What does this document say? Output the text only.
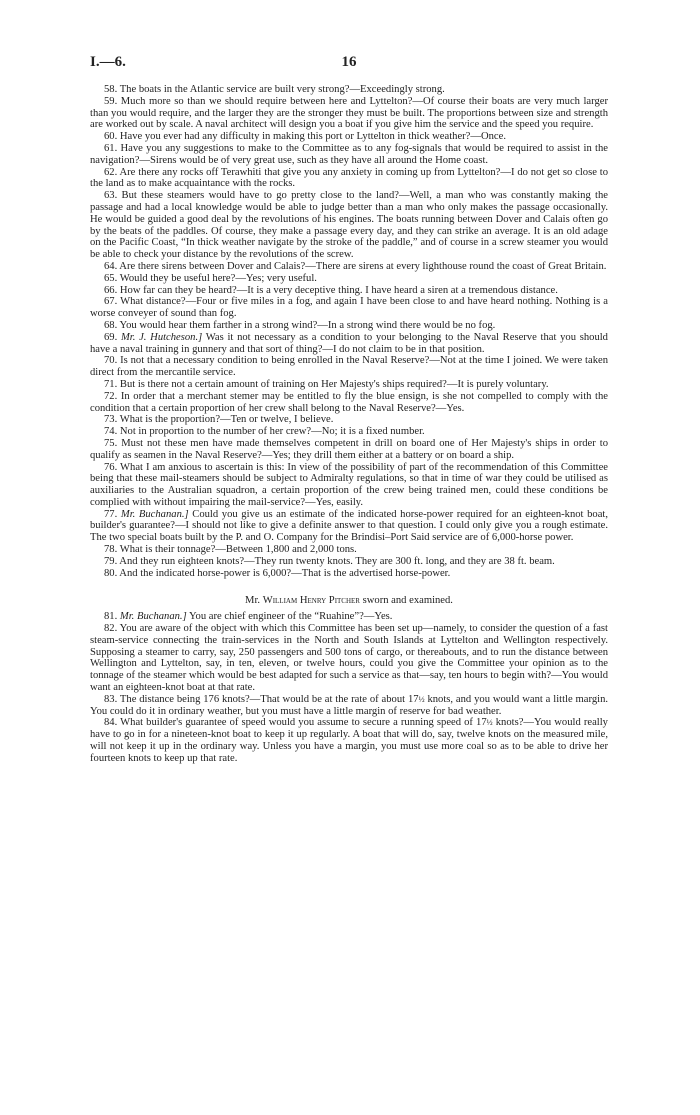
I.—6.	16

58. The boats in the Atlantic service are built very strong?—Exceedingly strong.

59. Much more so than we should require between here and Lyttelton?—Of course their boats are very much larger than you would require, and the larger they are the stronger they must be built. The proportions between size and strength are worked out by scale. A naval architect will design you a boat if you give him the service and the speed you require.

60. Have you ever had any difficulty in making this port or Lyttelton in thick weather?—Once.

61. Have you any suggestions to make to the Committee as to any fog-signals that would be required to assist in the navigation?—Sirens would be of very great use, such as they have all around the Home coast.

62. Are there any rocks off Terawhiti that give you any anxiety in coming up from Lyttelton?—I do not get so close to the land as to make acquaintance with the rocks.

63. But these steamers would have to go pretty close to the land?—Well, a man who was constantly making the passage and had a local knowledge would be able to judge better than a man who only makes the passage occasionally. He would be guided a good deal by the revolutions of his engines. The boats running between Dover and Calais often go by the beats of the paddles. Of course, they make a passage every day, and they can strike an average. It is an old adage on the Pacific Coast, “In thick weather navigate by the stroke of the paddle,” and of course in a screw steamer you would be able to check your distance by the revolutions of the screw.

64. Are there sirens between Dover and Calais?—There are sirens at every lighthouse round the coast of Great Britain.

65. Would they be useful here?—Yes; very useful.

66. How far can they be heard?—It is a very deceptive thing. I have heard a siren at a tremendous distance.

67. What distance?—Four or five miles in a fog, and again I have been close to and have heard nothing. Nothing is a worse conveyer of sound than fog.

68. You would hear them farther in a strong wind?—In a strong wind there would be no fog.

69. Mr. J. Hutcheson.] Was it not necessary as a condition to your belonging to the Naval Reserve that you should have a naval training in gunnery and that sort of thing?—I do not claim to be in that position.

70. Is not that a necessary condition to being enrolled in the Naval Reserve?—Not at the time I joined. We were taken direct from the mercantile service.

71. But is there not a certain amount of training on Her Majesty's ships required?—It is purely voluntary.

72. In order that a merchant stemer may be entitled to fly the blue ensign, is she not compelled to comply with the condition that a certain proportion of her crew shall belong to the Naval Reserve?—Yes.

73. What is the proportion?—Ten or twelve, I believe.

74. Not in proportion to the number of her crew?—No; it is a fixed number.

75. Must not these men have made themselves competent in drill on board one of Her Majesty's ships in order to qualify as seamen in the Naval Reserve?—Yes; they drill them either at a battery or on board a ship.

76. What I am anxious to ascertain is this: In view of the possibility of part of the recommendation of this Committee being that these mail-steamers should be subject to Admiralty regulations, so that in time of war they could be utilised as auxiliaries to the Australian squadron, a certain proportion of the crew being trained men, could these conditions be complied with without impairing the mail-service?—Yes, easily.

77. Mr. Buchanan.] Could you give us an estimate of the indicated horse-power required for an eighteen-knot boat, builder's guarantee?—I should not like to give a definite answer to that question. I could only give you a rough estimate. The two special boats built by the P. and O. Company for the Brindisi–Port Said service are of 6,000-horse power.

78. What is their tonnage?—Between 1,800 and 2,000 tons.

79. And they run eighteen knots?—They run twenty knots. They are 300 ft. long, and they are 38 ft. beam.

80. And the indicated horse-power is 6,000?—That is the advertised horse-power.

Mr. William Henry Pitcher sworn and examined.

81. Mr. Buchanan.] You are chief engineer of the “Ruahine”?—Yes.

82. You are aware of the object with which this Committee has been set up—namely, to consider the question of a fast steam-service connecting the train-services in the North and South Islands at Lyttelton and Wellington respectively. Supposing a steamer to carry, say, 250 passengers and 500 tons of cargo, or thereabouts, and to run the distance between Wellington and Lyttelton, say, in ten, eleven, or twelve hours, could you give the Committee your opinion as to the tonnage of the steamer which would be best adapted for such a service as that—say, ten hours to begin with?—You would want an eighteen-knot boat at that rate.

83. The distance being 176 knots?—That would be at the rate of about 17½ knots, and you would want a little margin. You could do it in ordinary weather, but you must have a little margin of reserve for bad weather.

84. What builder's guarantee of speed would you assume to secure a running speed of 17½ knots?—You would really have to go in for a nineteen-knot boat to keep it up regularly. A boat that will do, say, twelve knots on the measured mile, will not keep it up in the ordinary way. Unless you have a margin, you must use more coal so as to be able to drive her fourteen knots to keep up that rate.
